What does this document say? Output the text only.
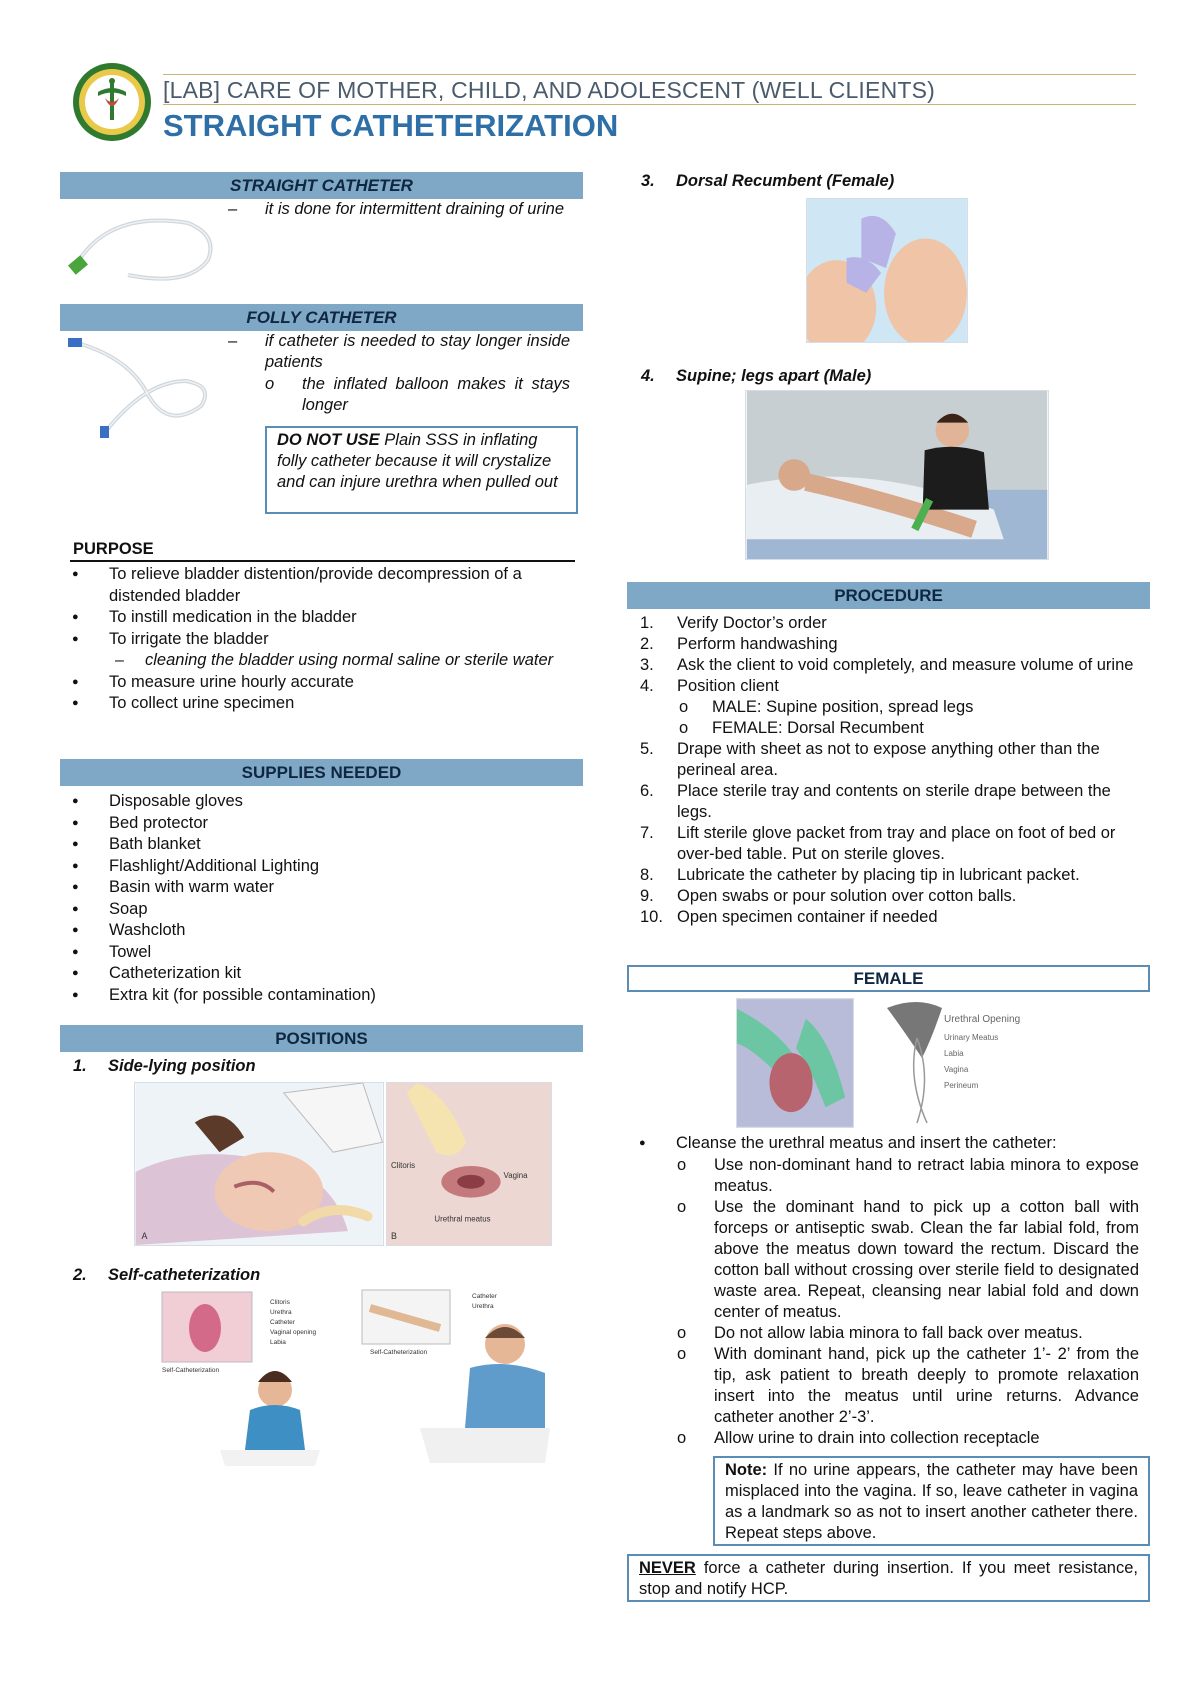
[LAB] CARE OF MOTHER, CHILD, AND ADOLESCENT (WELL CLIENTS)
STRAIGHT CATHETERIZATION
STRAIGHT CATHETER
– it is done for intermittent draining of urine
FOLLY CATHETER
– if catheter is needed to stay longer inside patients
o the inflated balloon makes it stays longer
DO NOT USE Plain SSS in inflating folly catheter because it will crystalize and can injure urethra when pulled out
PURPOSE
● To relieve bladder distention/provide decompression of a distended bladder
● To instill medication in the bladder
● To irrigate the bladder
– cleaning the bladder using normal saline or sterile water
● To measure urine hourly accurate
● To collect urine specimen
SUPPLIES NEEDED
● Disposable gloves
● Bed protector
● Bath blanket
● Flashlight/Additional Lighting
● Basin with warm water
● Soap
● Washcloth
● Towel
● Catheterization kit
● Extra kit (for possible contamination)
POSITIONS
1. Side-lying position
A
Clitoris
Vagina
Urethral meatus
B
2. Self-catheterization
Clitoris
Urethra
Catheter
Vaginal opening
Labia
Self-Catheterization
Catheter
Urethra
Self-Catheterization
3. Dorsal Recumbent (Female)
4. Supine; legs apart (Male)
PROCEDURE
1. Verify Doctor’s order
2. Perform handwashing
3. Ask the client to void completely, and measure volume of urine
4. Position client
o MALE: Supine position, spread legs
o FEMALE: Dorsal Recumbent
5. Drape with sheet as not to expose anything other than the perineal area.
6. Place sterile tray and contents on sterile drape between the legs.
7. Lift sterile glove packet from tray and place on foot of bed or over-bed table. Put on sterile gloves.
8. Lubricate the catheter by placing tip in lubricant packet.
9. Open swabs or pour solution over cotton balls.
10. Open specimen container if needed
FEMALE
Urethral Opening
Urinary Meatus
Labia
Vagina
Perineum
● Cleanse the urethral meatus and insert the catheter:
o Use non-dominant hand to retract labia minora to expose meatus.
o Use the dominant hand to pick up a cotton ball with forceps or antiseptic swab. Clean the far labial fold, from above the meatus down toward the rectum. Discard the cotton ball without crossing over sterile field to designated waste area. Repeat, cleansing near labial fold and down center of meatus.
o Do not allow labia minora to fall back over meatus.
o With dominant hand, pick up the catheter 1’- 2’ from the tip, ask patient to breath deeply to promote relaxation insert into the meatus until urine returns. Advance catheter another 2’-3’.
o Allow urine to drain into collection receptacle
Note: If no urine appears, the catheter may have been misplaced into the vagina. If so, leave catheter in vagina as a landmark so as not to insert another catheter there. Repeat steps above.
NEVER force a catheter during insertion. If you meet resistance, stop and notify HCP.
